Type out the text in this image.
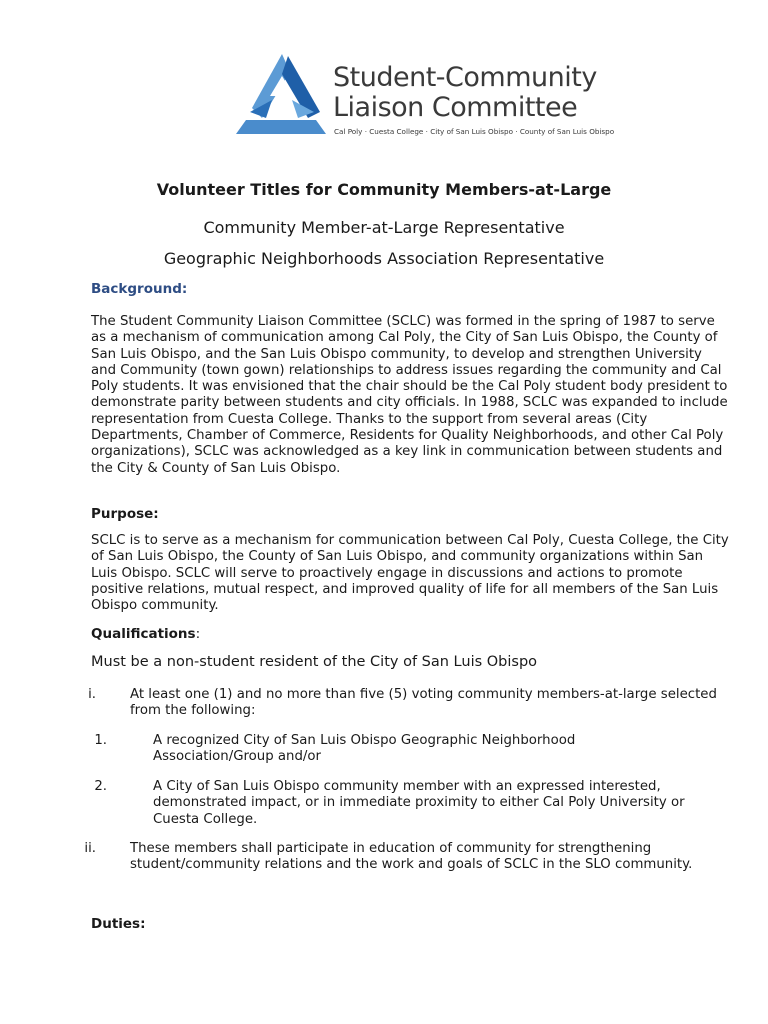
Student-Community
Liaison Committee
Cal Poly · Cuesta College · City of San Luis Obispo · County of San Luis Obispo
Volunteer Titles for Community Members-at-Large
Community Member-at-Large Representative
Geographic Neighborhoods Association Representative
Background:
The Student Community Liaison Committee (SCLC) was formed in the spring of 1987 to serve as a mechanism of communication among Cal Poly, the City of San Luis Obispo, the County of San Luis Obispo, and the San Luis Obispo community, to develop and strengthen University and Community (town gown) relationships to address issues regarding the community and Cal Poly students. It was envisioned that the chair should be the Cal Poly student body president to demonstrate parity between students and city officials. In 1988, SCLC was expanded to include representation from Cuesta College. Thanks to the support from several areas (City Departments, Chamber of Commerce, Residents for Quality Neighborhoods, and other Cal Poly organizations), SCLC was acknowledged as a key link in communication between students and the City & County of San Luis Obispo.
Purpose:
SCLC is to serve as a mechanism for communication between Cal Poly, Cuesta College, the City of San Luis Obispo, the County of San Luis Obispo, and community organizations within San Luis Obispo. SCLC will serve to proactively engage in discussions and actions to promote positive relations, mutual respect, and improved quality of life for all members of the San Luis Obispo community.
Qualifications:
Must be a non-student resident of the City of San Luis Obispo
i.	At least one (1) and no more than five (5) voting community members-at-large selected from the following:
1.	A recognized City of San Luis Obispo Geographic Neighborhood Association/Group and/or
2.	A City of San Luis Obispo community member with an expressed interested, demonstrated impact, or in immediate proximity to either Cal Poly University or Cuesta College.
ii.	These members shall participate in education of community for strengthening student/community relations and the work and goals of SCLC in the SLO community.
Duties:
